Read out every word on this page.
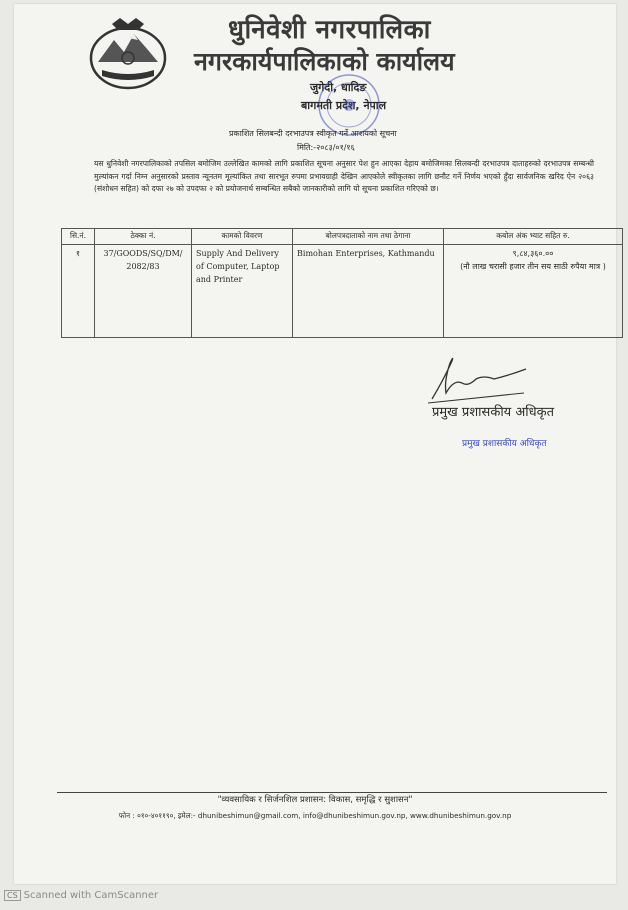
धुनिवेशी नगरपालिका
नगरकार्यपालिकाको कार्यालय
जुगेदी, धादिङ
बागमती प्रदेश, नेपाल
प्रकाशित सिलबन्दी दरभाउपत्र स्वीकृत गर्ने आशयको सूचना
मिति:-२०८३/०१/१६
यस धुनिवेशी नगरपालिकाको तपसिल बमोजिम उल्लेखित कामको लागि प्रकाशित सूचना अनुसार पेश हुन आएका देहाय बमोजिमका सिलबन्दी दरभाउपत्र दाताहरुको दरभाउपत्र सम्बन्धी मुल्यांकन गर्दा निम्न अनुसारको प्रस्ताव न्यूनतम मूल्यांकित तथा सारभूत रुपमा प्रभावग्राही देखिन आएकोले स्वीकृतका लागि छनौट गर्ने निर्णय भएको हुँदा सार्वजनिक खरिद ऐन २०६३ (संशोधन सहित) को दफा २७ को उपदफा २ को प्रयोजनार्थ सम्बन्धित सबैको जानकारीको लागि यो सूचना प्रकाशित गरिएको छ।
सि.नं.	ठेक्का नं.	कामको विवरण	बोलपत्रदाताको नाम तथा ठेगाना	कबोल अंक भ्याट सहित रु.
१	37/GOODS/SQ/DM/ 2082/83	Supply And Delivery of Computer, Laptop and Printer	Bimohan Enterprises, Kathmandu	९,८४,३६०.००
(नौ लाख चरासी हजार तीन सय साठी रुपैया मात्र )
प्रमुख प्रशासकीय अधिकृत
प्रमुख प्रशासकीय अधिकृत
"व्यवसायिक र सिर्जनशिल प्रशासन: विकास, समृद्धि र सुशासन"
फोन : ०१०-४०११९०, इमेल:- dhunibeshimun@gmail.com, info@dhunibeshimun.gov.np, www.dhunibeshimun.gov.np
CS Scanned with CamScanner
